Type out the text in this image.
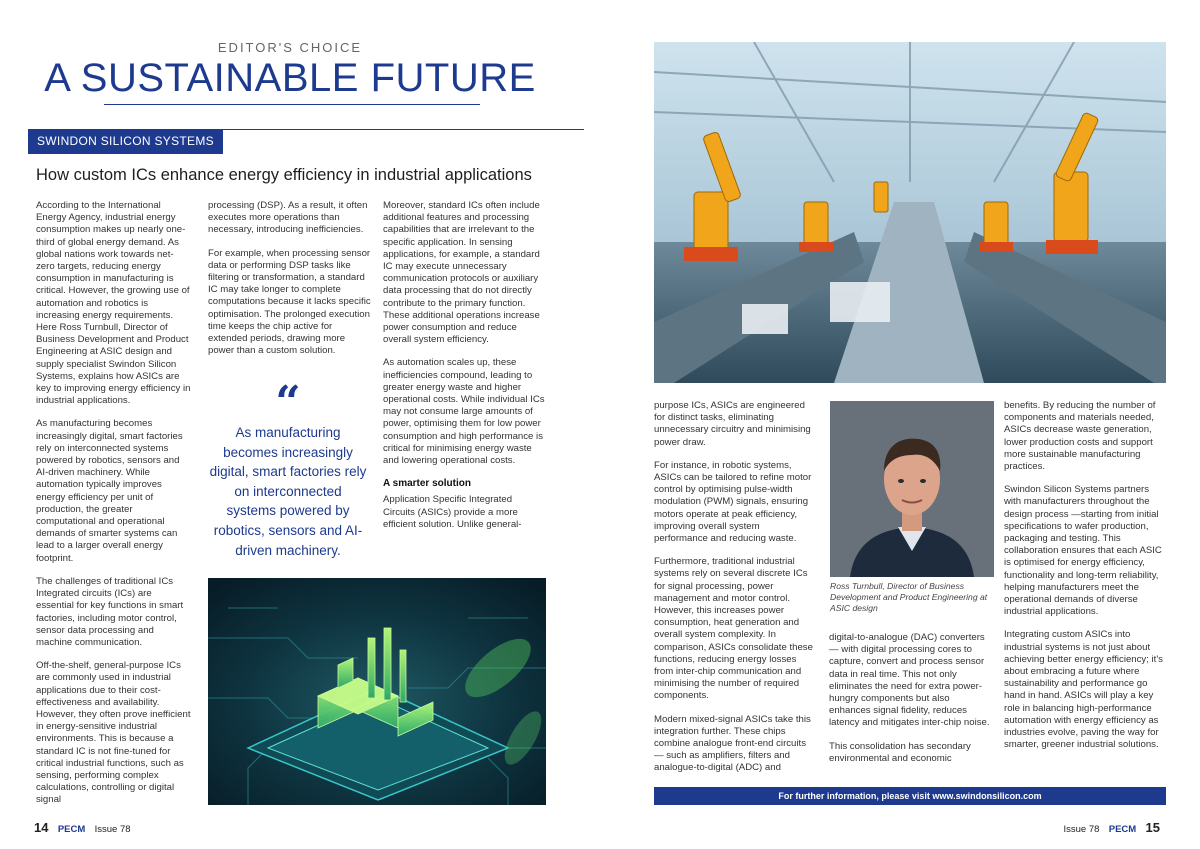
EDITOR'S CHOICE
A SUSTAINABLE FUTURE
SWINDON SILICON SYSTEMS
How custom ICs enhance energy efficiency in industrial applications

According to the International Energy Agency, industrial energy consumption makes up nearly one-third of global energy demand. As global nations work towards net-zero targets, reducing energy consumption in manufacturing is critical. However, the growing use of automation and robotics is increasing energy requirements. Here Ross Turnbull, Director of Business Development and Product Engineering at ASIC design and supply specialist Swindon Silicon Systems, explains how ASICs are key to improving energy efficiency in industrial applications.

As manufacturing becomes increasingly digital, smart factories rely on interconnected systems powered by robotics, sensors and AI-driven machinery. While automation typically improves energy efficiency per unit of production, the greater computational and operational demands of smarter systems can lead to a larger overall energy footprint.

The challenges of traditional ICs Integrated circuits (ICs) are essential for key functions in smart factories, including motor control, sensor data processing and machine communication.

Off-the-shelf, general-purpose ICs are commonly used in industrial applications due to their cost-effectiveness and availability. However, they often prove inefficient in energy-sensitive industrial environments. This is because a standard IC is not fine-tuned for critical industrial functions, such as sensing, performing complex calculations, controlling or digital signal

processing (DSP). As a result, it often executes more operations than necessary, introducing inefficiencies.

For example, when processing sensor data or performing DSP tasks like filtering or transformation, a standard IC may take longer to complete computations because it lacks specific optimisation. The prolonged execution time keeps the chip active for extended periods, drawing more power than a custom solution.

“
As manufacturing becomes increasingly digital, smart factories rely on interconnected systems powered by robotics, sensors and AI-driven machinery.

Moreover, standard ICs often include additional features and processing capabilities that are irrelevant to the specific application. In sensing applications, for example, a standard IC may execute unnecessary communication protocols or auxiliary data processing that do not directly contribute to the primary function. These additional operations increase power consumption and reduce overall system efficiency.

As automation scales up, these inefficiencies compound, leading to greater energy waste and higher operational costs. While individual ICs may not consume large amounts of power, optimising them for low power consumption and high performance is critical for minimising energy waste and lowering operational costs.

A smarter solution

Application Specific Integrated Circuits (ASICs) provide a more efficient solution. Unlike general-

14 PECM Issue 78

purpose ICs, ASICs are engineered for distinct tasks, eliminating unnecessary circuitry and minimising power draw.

For instance, in robotic systems, ASICs can be tailored to refine motor control by optimising pulse-width modulation (PWM) signals, ensuring motors operate at peak efficiency, improving overall system performance and reducing waste.

Furthermore, traditional industrial systems rely on several discrete ICs for signal processing, power management and motor control. However, this increases power consumption, heat generation and overall system complexity. In comparison, ASICs consolidate these functions, reducing energy losses from inter-chip communication and minimising the number of required components.

Modern mixed-signal ASICs take this integration further. These chips combine analogue front-end circuits — such as amplifiers, filters and analogue-to-digital (ADC) and

Ross Turnbull, Director of Business Development and Product Engineering at ASIC design

digital-to-analogue (DAC) converters — with digital processing cores to capture, convert and process sensor data in real time. This not only eliminates the need for extra power-hungry components but also enhances signal fidelity, reduces latency and mitigates inter-chip noise.

This consolidation has secondary environmental and economic

benefits. By reducing the number of components and materials needed, ASICs decrease waste generation, lower production costs and support more sustainable manufacturing practices.

Swindon Silicon Systems partners with manufacturers throughout the design process —starting from initial specifications to wafer production, packaging and testing. This collaboration ensures that each ASIC is optimised for energy efficiency, functionality and long-term reliability, helping manufacturers meet the operational demands of diverse industrial applications.

Integrating custom ASICs into industrial systems is not just about achieving better energy efficiency; it's about embracing a future where sustainability and performance go hand in hand. ASICs will play a key role in balancing high-performance automation with energy efficiency as industries evolve, paving the way for smarter, greener industrial solutions.

For further information, please visit www.swindonsilicon.com
Issue 78 PECM 15
